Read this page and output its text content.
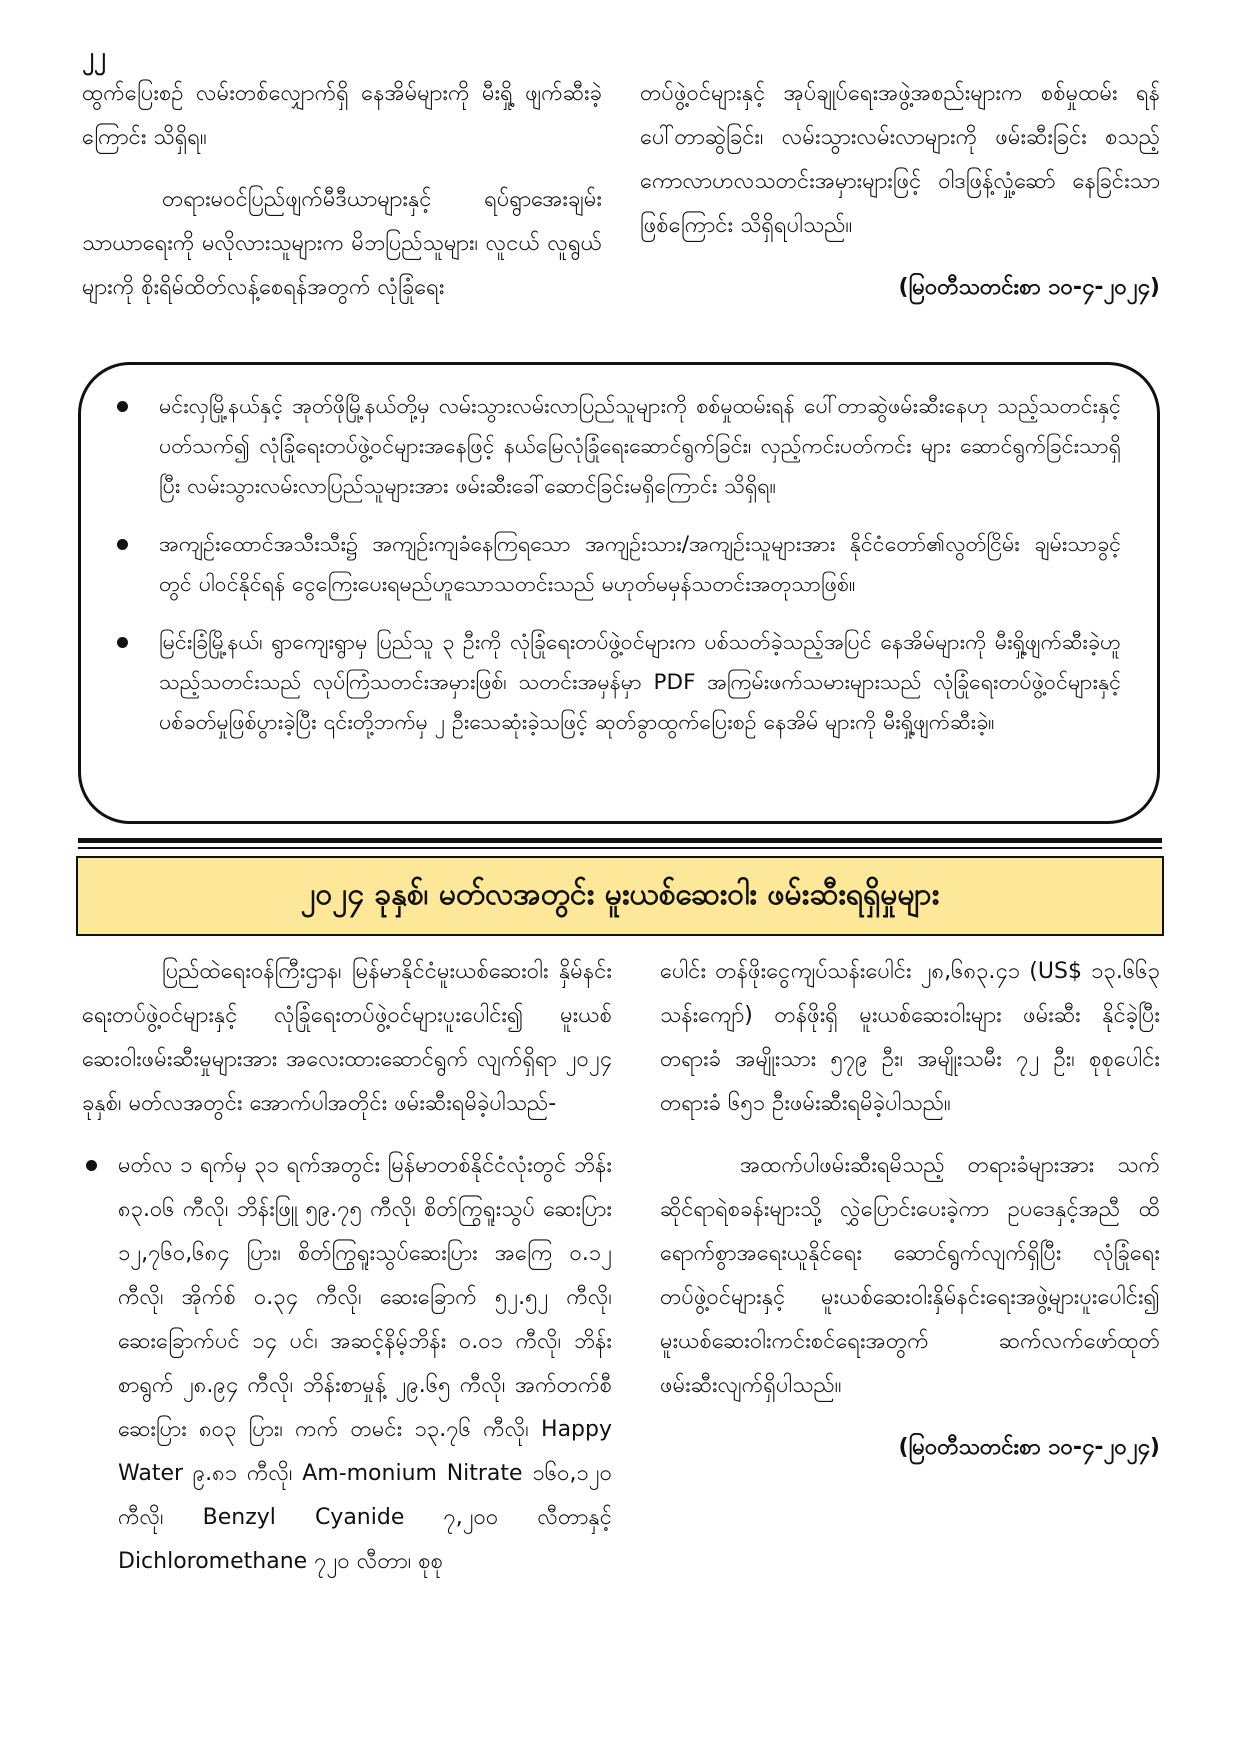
၂၂

ထွက်ပြေးစဉ် လမ်းတစ်လျှောက်ရှိ နေအိမ်များကို မီးရှို့ ဖျက်ဆီးခဲ့ကြောင်း သိရှိရ။

တရားမဝင်ပြည်ဖျက်မီဒီယာများနှင့် ရပ်ရွာအေးချမ်း သာယာရေးကို မလိုလားသူများက မိဘပြည်သူများ၊ လူငယ် လူရွယ်များကို စိုးရိမ်ထိတ်လန့်စေရန်အတွက် လုံခြုံရေး

တပ်ဖွဲ့ဝင်များနှင့် အုပ်ချုပ်ရေးအဖွဲ့အစည်းများက စစ်မှုထမ်း ရန် ပေါ်တာဆွဲခြင်း၊ လမ်းသွားလမ်းလာများကို ဖမ်းဆီးခြင်း စသည့် ကောလာဟလသတင်းအမှားများဖြင့် ဝါဒဖြန့်လှုံ့ဆော် နေခြင်းသာဖြစ်ကြောင်း သိရှိရပါသည်။

(မြဝတီသတင်းစာ ၁၀-၄-၂၀၂၄)

မင်းလှမြို့နယ်နှင့် အုတ်ဖိုမြို့နယ်တို့မှ လမ်းသွားလမ်းလာပြည်သူများကို စစ်မှုထမ်းရန် ပေါ်တာဆွဲဖမ်းဆီးနေဟု သည့်သတင်းနှင့်ပတ်သက်၍ လုံခြုံရေးတပ်ဖွဲ့ဝင်များအနေဖြင့် နယ်မြေလုံခြုံရေးဆောင်ရွက်ခြင်း၊ လှည့်ကင်းပတ်ကင်း များ ဆောင်ရွက်ခြင်းသာရှိပြီး လမ်းသွားလမ်းလာပြည်သူများအား ဖမ်းဆီးခေါ်ဆောင်ခြင်းမရှိကြောင်း သိရှိရ။
အကျဉ်းထောင်အသီးသီး၌ အကျဉ်းကျခံနေကြရသော အကျဉ်းသား/အကျဉ်းသူများအား နိုင်ငံတော်၏လွတ်ငြိမ်း ချမ်းသာခွင့်တွင် ပါဝင်နိုင်ရန် ငွေကြေးပေးရမည်ဟူသောသတင်းသည် မဟုတ်မမှန်သတင်းအတုသာဖြစ်။
မြင်းခြံမြို့နယ်၊ ရွာကျေးရွာမှ ပြည်သူ ၃ ဦးကို လုံခြုံရေးတပ်ဖွဲ့ဝင်များက ပစ်သတ်ခဲ့သည့်အပြင် နေအိမ်များကို မီးရှို့ဖျက်ဆီးခဲ့ဟူသည့်သတင်းသည် လုပ်ကြံသတင်းအမှားဖြစ်၊ သတင်းအမှန်မှာ PDF အကြမ်းဖက်သမားများသည် လုံခြုံရေးတပ်ဖွဲ့ဝင်များနှင့် ပစ်ခတ်မှုဖြစ်ပွားခဲ့ပြီး ၎င်းတို့ဘက်မှ ၂ ဦးသေဆုံးခဲ့သဖြင့် ဆုတ်ခွာထွက်ပြေးစဉ် နေအိမ် များကို မီးရှို့ဖျက်ဆီးခဲ့။
၂၀၂၄ ခုနှစ်၊ မတ်လအတွင်း မူးယစ်ဆေးဝါး ဖမ်းဆီးရရှိမှုများ

ပြည်ထဲရေးဝန်ကြီးဌာန၊ မြန်မာနိုင်ငံမူးယစ်ဆေးဝါး နှိမ်နင်းရေးတပ်ဖွဲ့ဝင်များနှင့် လုံခြုံရေးတပ်ဖွဲ့ဝင်များပူးပေါင်း၍ မူးယစ်ဆေးဝါးဖမ်းဆီးမှုများအား အလေးထားဆောင်ရွက် လျက်ရှိရာ ၂၀၂၄ ခုနှစ်၊ မတ်လအတွင်း အောက်ပါအတိုင်း ဖမ်းဆီးရမိခဲ့ပါသည်-

မတ်လ ၁ ရက်မှ ၃၁ ရက်အတွင်း မြန်မာတစ်နိုင်ငံလုံးတွင် ဘိန်း ၈၃.၀၆ ကီလို၊ ဘိန်းဖြူ ၅၉.၇၅ ကီလို၊ စိတ်ကြွရူးသွပ် ဆေးပြား ၁၂,၇၆၀,၆၈၄ ပြား၊ စိတ်ကြွရူးသွပ်ဆေးပြား အကြေ ၀.၁၂ ကီလို၊ အိုက်စ် ၀.၃၄ ကီလို၊ ဆေးခြောက် ၅၂.၅၂ ကီလို၊ ဆေးခြောက်ပင် ၁၄ ပင်၊ အဆင့်နိမ့်ဘိန်း ၀.၀၁ ကီလို၊ ဘိန်းစာရွက် ၂၈.၉၄ ကီလို၊ ဘိန်းစာမှုန့် ၂၉.၆၅ ကီလို၊ အက်တက်စီဆေးပြား ၈၀၃ ပြား၊ ကက် တမင်း ၁၃.၇၆ ကီလို၊ Happy Water ၉.၈၁ ကီလို၊ Am-monium Nitrate ၁၆၀,၁၂၀ ကီလို၊ Benzyl Cyanide ၇,၂၀၀ လီတာနှင့် Dichloromethane ၇၂၀ လီတာ၊ စုစု

ပေါင်း တန်ဖိုးငွေကျပ်သန်းပေါင်း ၂၈,၆၈၃.၄၁ (US$ ၁၃.၆၆၃ သန်းကျော်) တန်ဖိုးရှိ မူးယစ်ဆေးဝါးများ ဖမ်းဆီး နိုင်ခဲ့ပြီး တရားခံ အမျိုးသား ၅၇၉ ဦး၊ အမျိုးသမီး ၇၂ ဦး၊ စုစုပေါင်းတရားခံ ၆၅၁ ဦးဖမ်းဆီးရမိခဲ့ပါသည်။

အထက်ပါဖမ်းဆီးရမိသည့် တရားခံများအား သက် ဆိုင်ရာရဲစခန်းများသို့ လွှဲပြောင်းပေးခဲ့ကာ ဥပဒေနှင့်အညီ ထိရောက်စွာအရေးယူနိုင်ရေး ဆောင်ရွက်လျက်ရှိပြီး လုံခြုံရေး တပ်ဖွဲ့ဝင်များနှင့် မူးယစ်ဆေးဝါးနှိမ်နင်းရေးအဖွဲ့များပူးပေါင်း၍ မူးယစ်ဆေးဝါးကင်းစင်ရေးအတွက် ဆက်လက်ဖော်ထုတ် ဖမ်းဆီးလျက်ရှိပါသည်။

(မြဝတီသတင်းစာ ၁၀-၄-၂၀၂၄)
